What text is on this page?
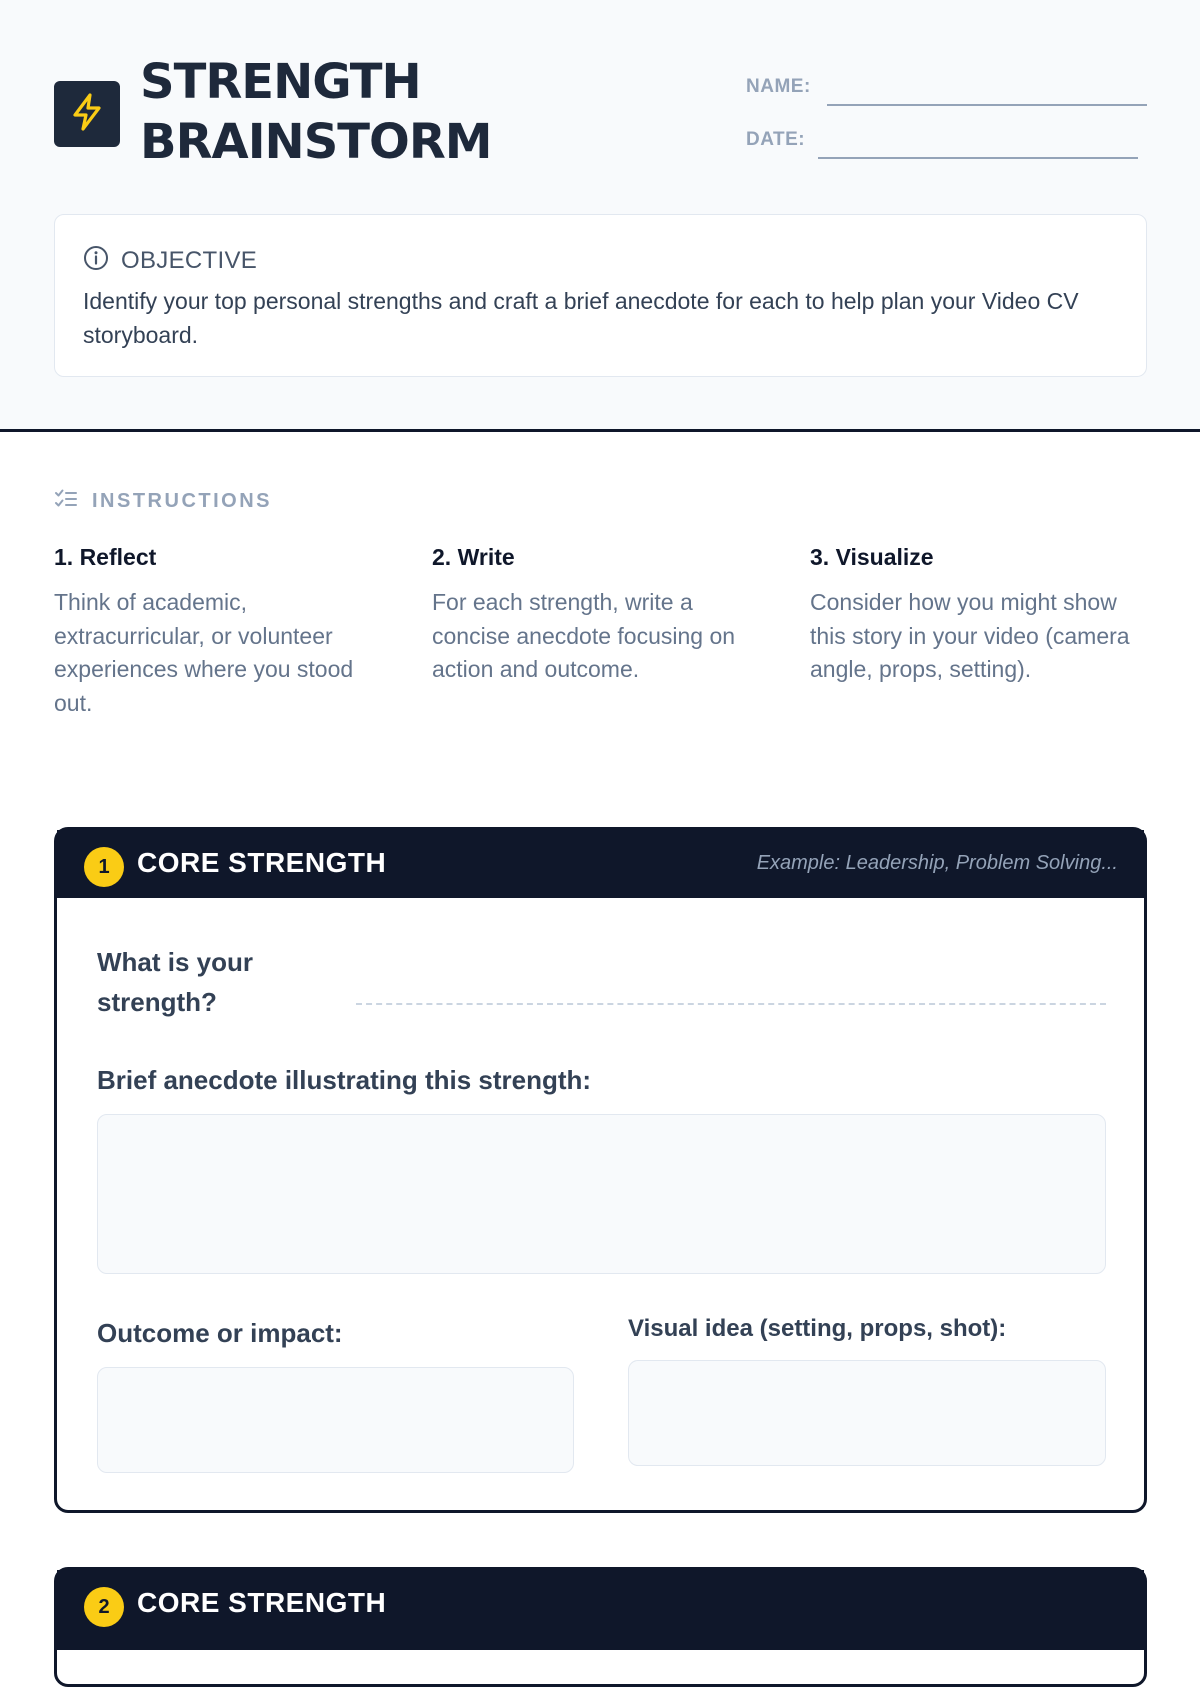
STRENGTH
BRAINSTORM
NAME:
DATE:
OBJECTIVE
Identify your top personal strengths and craft a brief anecdote for each to help plan your Video CV storyboard.
INSTRUCTIONS
1. Reflect
Think of academic, extracurricular, or volunteer experiences where you stood out.
2. Write
For each strength, write a concise anecdote focusing on action and outcome.
3. Visualize
Consider how you might show this story in your video (camera angle, props, setting).
1 CORE STRENGTH	Example: Leadership, Problem Solving...
What is your strength?
Brief anecdote illustrating this strength:
Outcome or impact:	Visual idea (setting, props, shot):
2 CORE STRENGTH
